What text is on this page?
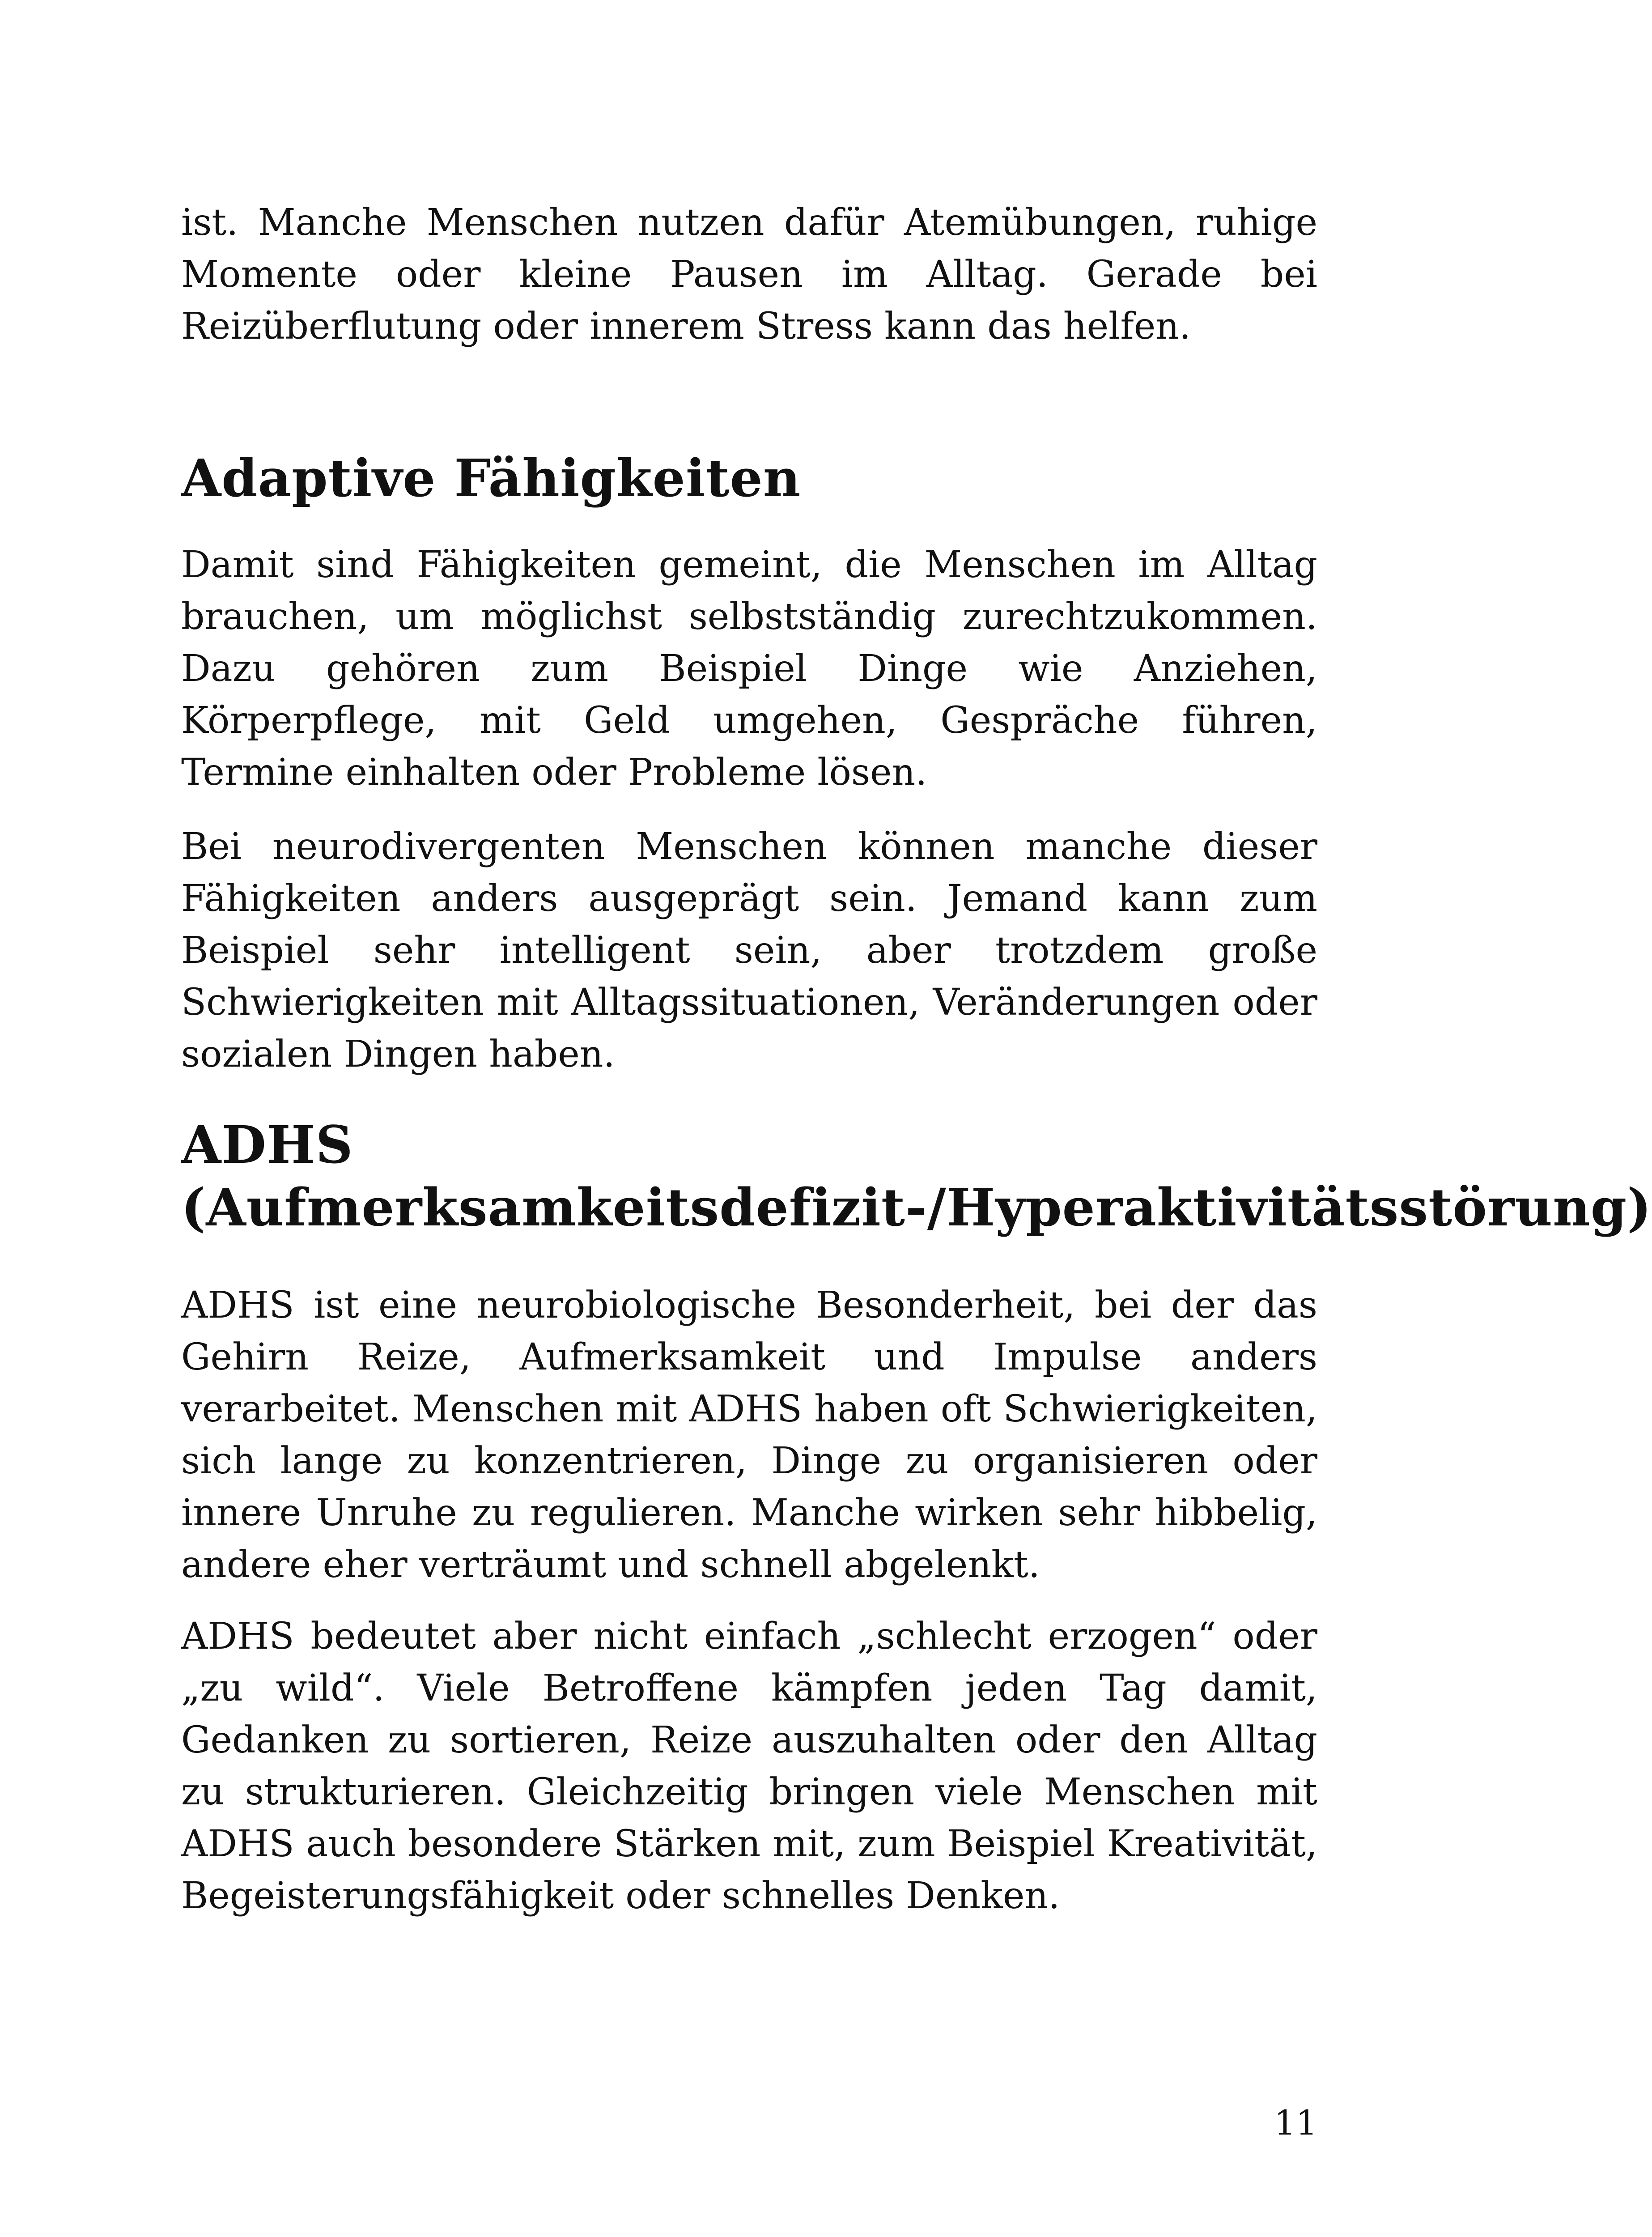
ist. Manche Menschen nutzen dafür Atemübungen, ruhige Momente oder kleine Pausen im Alltag. Gerade bei Reizüberflutung oder innerem Stress kann das helfen.

Adaptive Fähigkeiten

Damit sind Fähigkeiten gemeint, die Menschen im Alltag brauchen, um möglichst selbstständig zurechtzukommen. Dazu gehören zum Beispiel Dinge wie Anziehen, Körperpflege, mit Geld umgehen, Gespräche führen, Termine einhalten oder Probleme lösen.

Bei neurodivergenten Menschen können manche dieser Fähigkeiten anders ausgeprägt sein. Jemand kann zum Beispiel sehr intelligent sein, aber trotzdem große Schwierigkeiten mit Alltagssituationen, Veränderungen oder sozialen Dingen haben.

ADHS (Aufmerksamkeitsdefizit-/Hyperaktivitätsstörung)

ADHS ist eine neurobiologische Besonderheit, bei der das Gehirn Reize, Aufmerksamkeit und Impulse anders verarbeitet. Menschen mit ADHS haben oft Schwierigkeiten, sich lange zu konzentrieren, Dinge zu organisieren oder innere Unruhe zu regulieren. Manche wirken sehr hibbelig, andere eher verträumt und schnell abgelenkt.

ADHS bedeutet aber nicht einfach „schlecht erzogen“ oder „zu wild“. Viele Betroffene kämpfen jeden Tag damit, Gedanken zu sortieren, Reize auszuhalten oder den Alltag zu strukturieren. Gleichzeitig bringen viele Menschen mit ADHS auch besondere Stärken mit, zum Beispiel Kreativität, Begeisterungsfähigkeit oder schnelles Denken.

11
